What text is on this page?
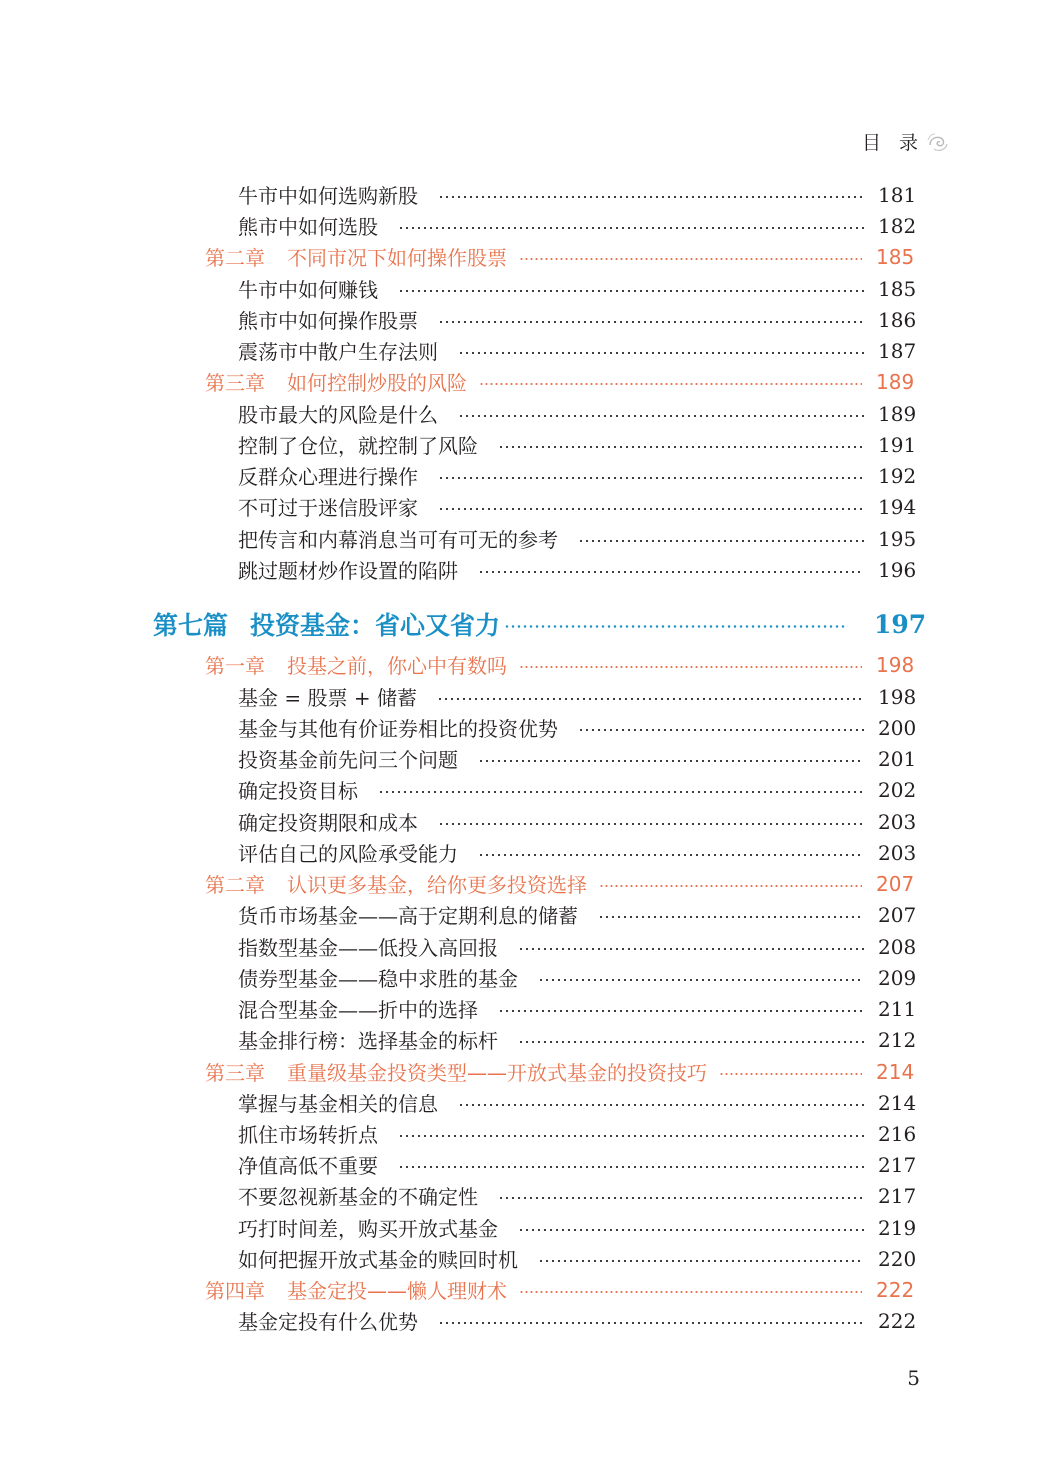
目 录
牛市中如何选购新股	181
熊市中如何选股	182
第二章 不同市况下如何操作股票	185
牛市中如何赚钱	185
熊市中如何操作股票	186
震荡市中散户生存法则	187
第三章 如何控制炒股的风险	189
股市最大的风险是什么	189
控制了仓位，就控制了风险	191
反群众心理进行操作	192
不可过于迷信股评家	194
把传言和内幕消息当可有可无的参考	195
跳过题材炒作设置的陷阱	196
第七篇 投资基金：省心又省力	197
第一章 投基之前，你心中有数吗	198
基金 = 股票 + 储蓄	198
基金与其他有价证券相比的投资优势	200
投资基金前先问三个问题	201
确定投资目标	202
确定投资期限和成本	203
评估自己的风险承受能力	203
第二章 认识更多基金，给你更多投资选择	207
货币市场基金——高于定期利息的储蓄	207
指数型基金——低投入高回报	208
债券型基金——稳中求胜的基金	209
混合型基金——折中的选择	211
基金排行榜：选择基金的标杆	212
第三章 重量级基金投资类型——开放式基金的投资技巧	214
掌握与基金相关的信息	214
抓住市场转折点	216
净值高低不重要	217
不要忽视新基金的不确定性	217
巧打时间差，购买开放式基金	219
如何把握开放式基金的赎回时机	220
第四章 基金定投——懒人理财术	222
基金定投有什么优势	222
5
